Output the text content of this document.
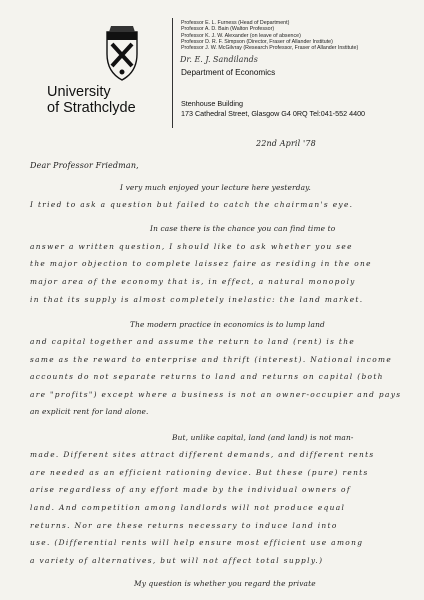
University
of Strathclyde
Professor E. L. Furness (Head of Department)
Professor A. D. Bain (Walton Professor)
Professor K. J. W. Alexander (on leave of absence)
Professor D. R. F. Simpson (Director, Fraser of Allander Institute)
Professor J. W. McGilvray (Research Professor, Fraser of Allander Institute)
Dr. E. J. Sandilands
Department of Economics
Stenhouse Building
173 Cathedral Street, Glasgow G4 0RQ Tel:041-552 4400
22nd April '78
Dear Professor Friedman,
I very much enjoyed your lecture here yesterday.
I tried to ask a question but failed to catch the chairman's eye.
In case there is the chance you can find time to
answer a written question, I should like to ask whether you see
the major objection to complete laissez faire as residing in the one
major area of the economy that is, in effect, a natural monopoly
in that its supply is almost completely inelastic: the land market.
The modern practice in economics is to lump land
and capital together and assume the return to land (rent) is the
same as the reward to enterprise and thrift (interest). National income
accounts do not separate returns to land and returns on capital (both
are "profits") except where a business is not an owner-occupier and pays
an explicit rent for land alone.
But, unlike capital, land (and land) is not man-
made. Different sites attract different demands, and different rents
are needed as an efficient rationing device. But these (pure) rents
arise regardless of any effort made by the individual owners of
land. And competition among landlords will not produce equal
returns. Nor are these returns necessary to induce land into
use. (Differential rents will help ensure most efficient use among
a variety of alternatives, but will not affect total supply.)
My question is whether you regard the private
